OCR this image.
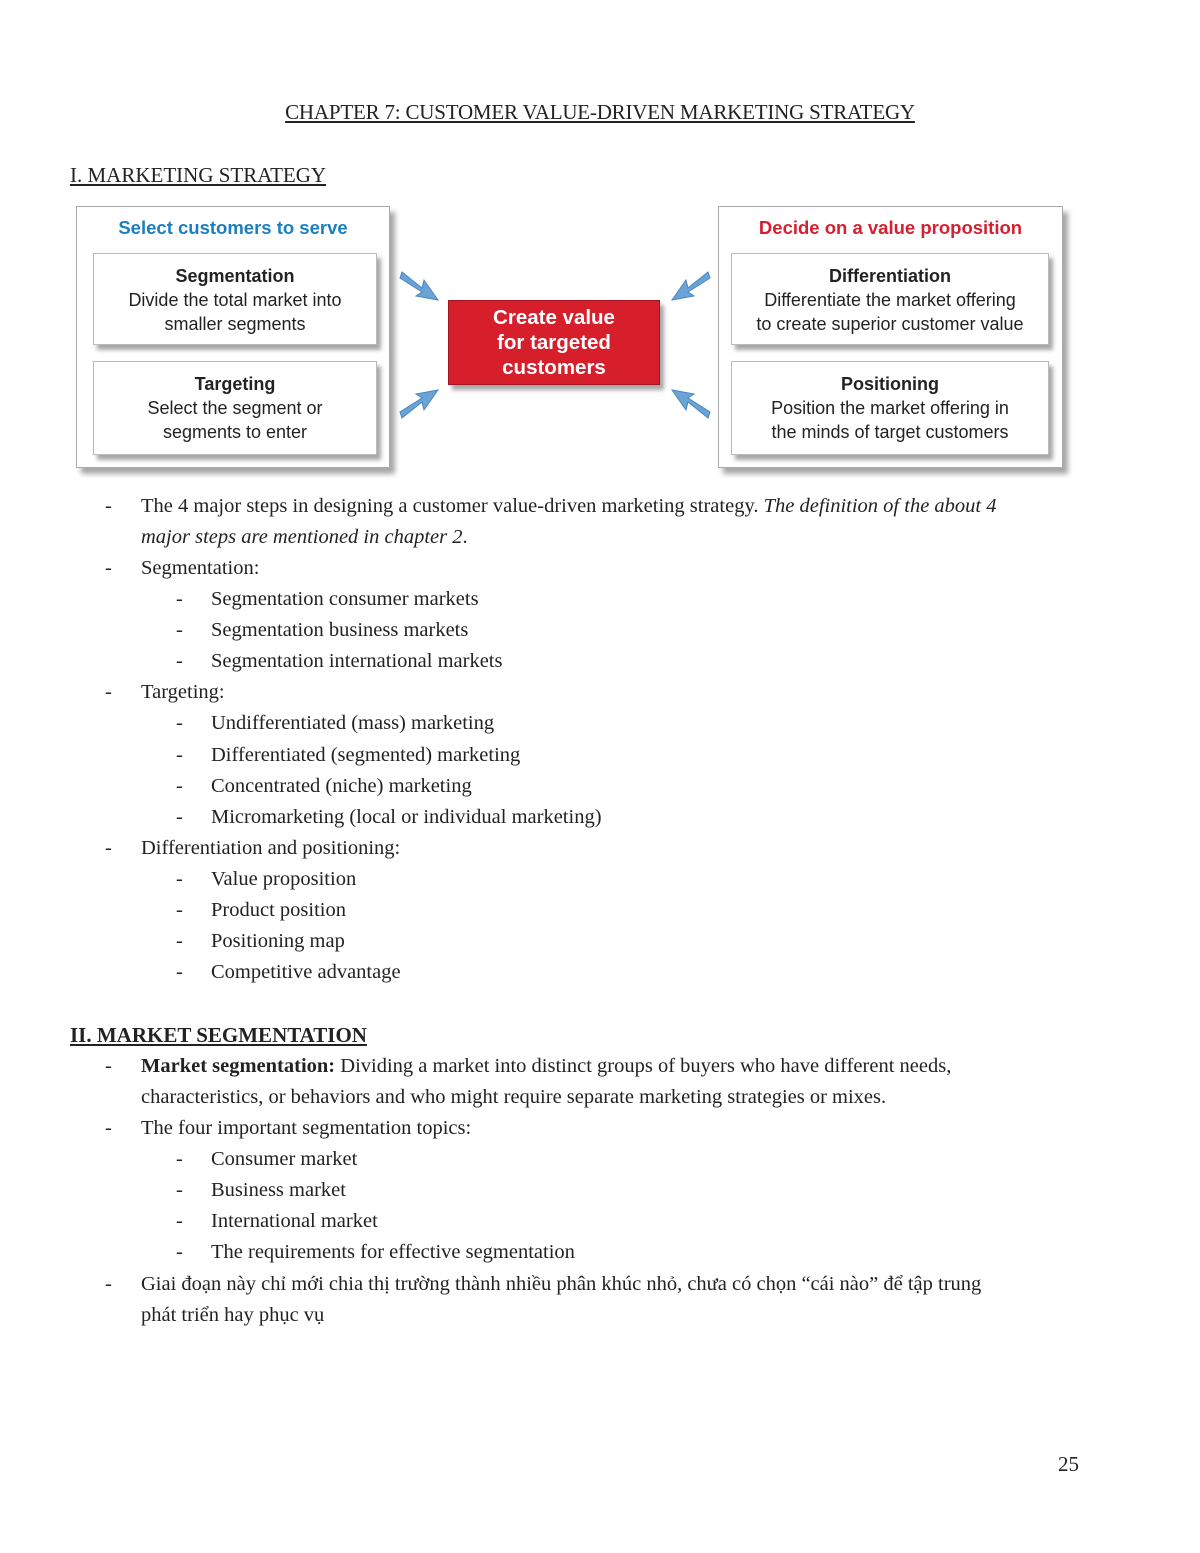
CHAPTER 7: CUSTOMER VALUE-DRIVEN MARKETING STRATEGY
I. MARKETING STRATEGY
Select customers to serve
Segmentation
Divide the total market into
smaller segments
Targeting
Select the segment or
segments to enter
Create value
for targeted
customers
Decide on a value proposition
Differentiation
Differentiate the market offering
to create superior customer value
Positioning
Position the market offering in
the minds of target customers
- The 4 major steps in designing a customer value-driven marketing strategy. The definition of the about 4
major steps are mentioned in chapter 2.
- Segmentation:
- Segmentation consumer markets
- Segmentation business markets
- Segmentation international markets
- Targeting:
- Undifferentiated (mass) marketing
- Differentiated (segmented) marketing
- Concentrated (niche) marketing
- Micromarketing (local or individual marketing)
- Differentiation and positioning:
- Value proposition
- Product position
- Positioning map
- Competitive advantage
II. MARKET SEGMENTATION
- Market segmentation: Dividing a market into distinct groups of buyers who have different needs,
characteristics, or behaviors and who might require separate marketing strategies or mixes.
- The four important segmentation topics:
- Consumer market
- Business market
- International market
- The requirements for effective segmentation
- Giai đoạn này chỉ mới chia thị trường thành nhiều phân khúc nhỏ, chưa có chọn “cái nào” để tập trung
phát triển hay phục vụ
25
